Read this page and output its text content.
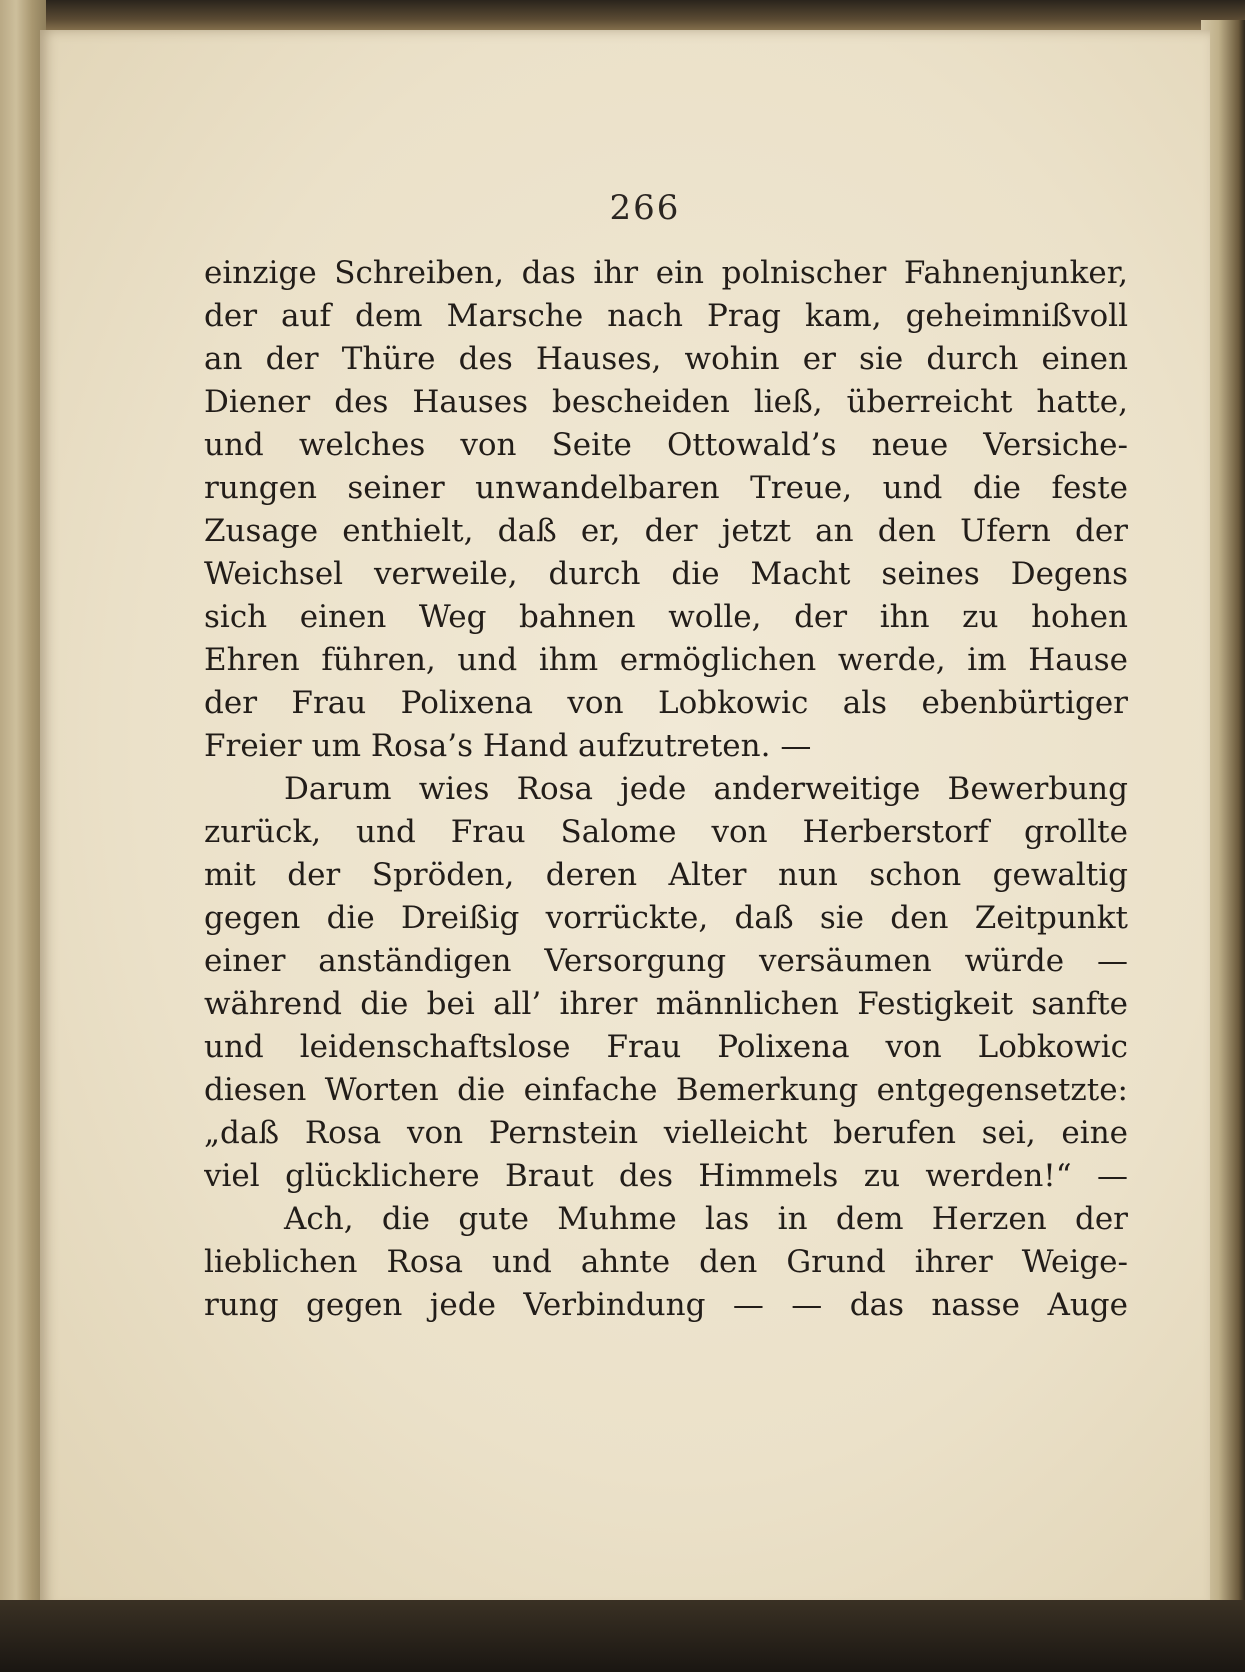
266

einzige Schreiben, das ihr ein polnischer Fahnenjunker,
der auf dem Marsche nach Prag kam, geheimnißvoll
an der Thüre des Hauses, wohin er sie durch einen
Diener des Hauses bescheiden ließ, überreicht hatte,
und welches von Seite Ottowald’s neue Versiche-
rungen seiner unwandelbaren Treue, und die feste
Zusage enthielt, daß er, der jetzt an den Ufern der
Weichsel verweile, durch die Macht seines Degens
sich einen Weg bahnen wolle, der ihn zu hohen
Ehren führen, und ihm ermöglichen werde, im Hause
der Frau Polixena von Lobkowic als ebenbürtiger
Freier um Rosa’s Hand aufzutreten. —
Darum wies Rosa jede anderweitige Bewerbung
zurück, und Frau Salome von Herberstorf grollte
mit der Spröden, deren Alter nun schon gewaltig
gegen die Dreißig vorrückte, daß sie den Zeitpunkt
einer anständigen Versorgung versäumen würde —
während die bei all’ ihrer männlichen Festigkeit sanfte
und leidenschaftslose Frau Polixena von Lobkowic
diesen Worten die einfache Bemerkung entgegensetzte:
„daß Rosa von Pernstein vielleicht berufen sei, eine
viel glücklichere Braut des Himmels zu werden!“ —
Ach, die gute Muhme las in dem Herzen der
lieblichen Rosa und ahnte den Grund ihrer Weige-
rung gegen jede Verbindung — — das nasse Auge
